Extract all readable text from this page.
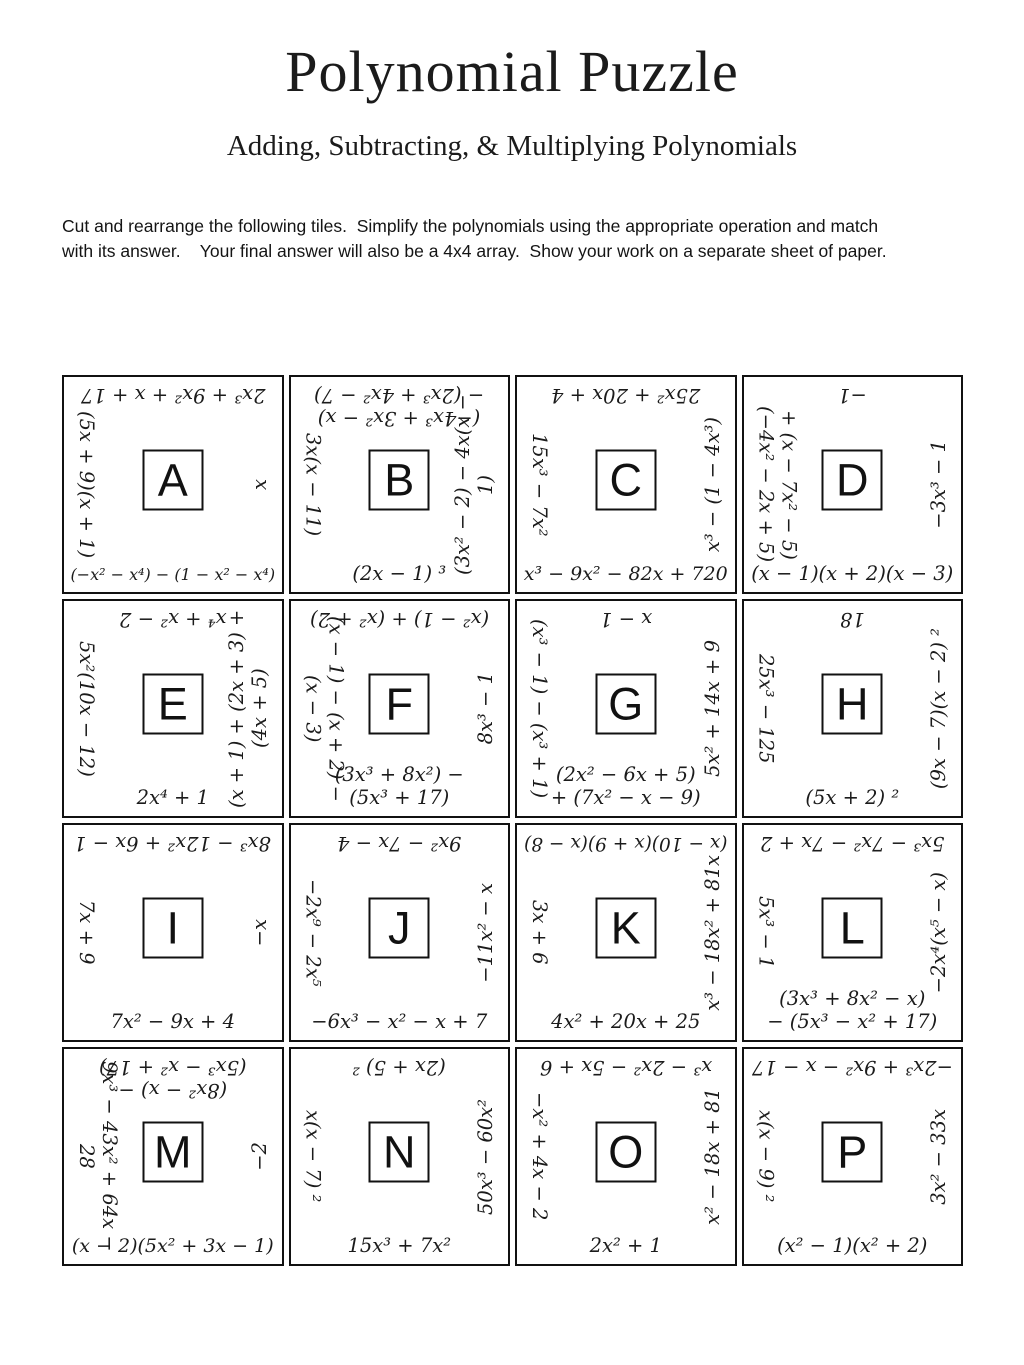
Polynomial Puzzle
Adding, Subtracting, & Multiplying Polynomials
Cut and rearrange the following tiles.  Simplify the polynomials using the appropriate operation and match
with its answer.    Your final answer will also be a 4x4 array.  Show your work on a separate sheet of paper.
2x³ + 9x² + x + 17
(5x + 9)(x + 1)	x
(−x² − x⁴) − (1 − x² − x⁴)
A
(−4x³ + 3x² − x)
− (2x³ + 4x² − 7)
3x(x − 11)	(3x² − 2) − 4x(x − 1)
(2x − 1) ³
B
25x² + 20x + 4
15x³ − 7x²	x³ − (1 − 4x³)
x³ − 9x² − 82x + 720
C
−1
+ (x − 7x² − 5)
(−4x² − 2x + 5)	−3x³ − 1
(x − 1)(x + 2)(x − 3)
D
x⁴ + x² − 2
5x²(10x − 12)	(x + 1) + (2x + 3) + (4x + 5)
2x⁴ + 1
E
(x² − 1) + (x² + 2)
(x − 1) − (x + 2) − (x − 3)	8x³ − 1
(3x³ + 8x²) −
(5x³ + 17)
F
x − 1
(x³ − 1) − (x³ + 1)	5x² + 14x + 9
(2x² − 6x + 5)
+ (7x² − x − 9)
G
18
25x³ − 125	(9x − 7)(x − 2) ²
(5x + 2) ²
H
8x³ − 12x² + 6x − 1
7x + 9	−x
7x² − 9x + 4
I
9x² − 7x − 4
−2x⁹ − 2x⁵	−11x² − x
−6x³ − x² − x + 7
J
(x − 10)(x + 9)(x − 8)
3x + 6	x³ − 18x² + 81x
4x² + 20x + 25
K
5x³ − 7x² − 7x + 2
5x³ − 1	−2x⁴(x⁵ − x)
(3x³ + 8x² − x)
− (5x³ − x² + 17)
L
(8x² − x) −
(5x³ − x² + 17)
9x³ − 43x² + 64x − 28	−2
(x − 2)(5x² + 3x − 1)
M
(2x + 5) ²
x(x − 7) ²	50x³ − 60x²
15x³ + 7x²
N
x³ − 2x² − 5x + 6
−x² + 4x − 2	x² − 18x + 81
2x² + 1
O
−2x³ + 9x² − x − 17
x(x − 9) ²	3x² − 33x
(x² − 1)(x² + 2)
P
